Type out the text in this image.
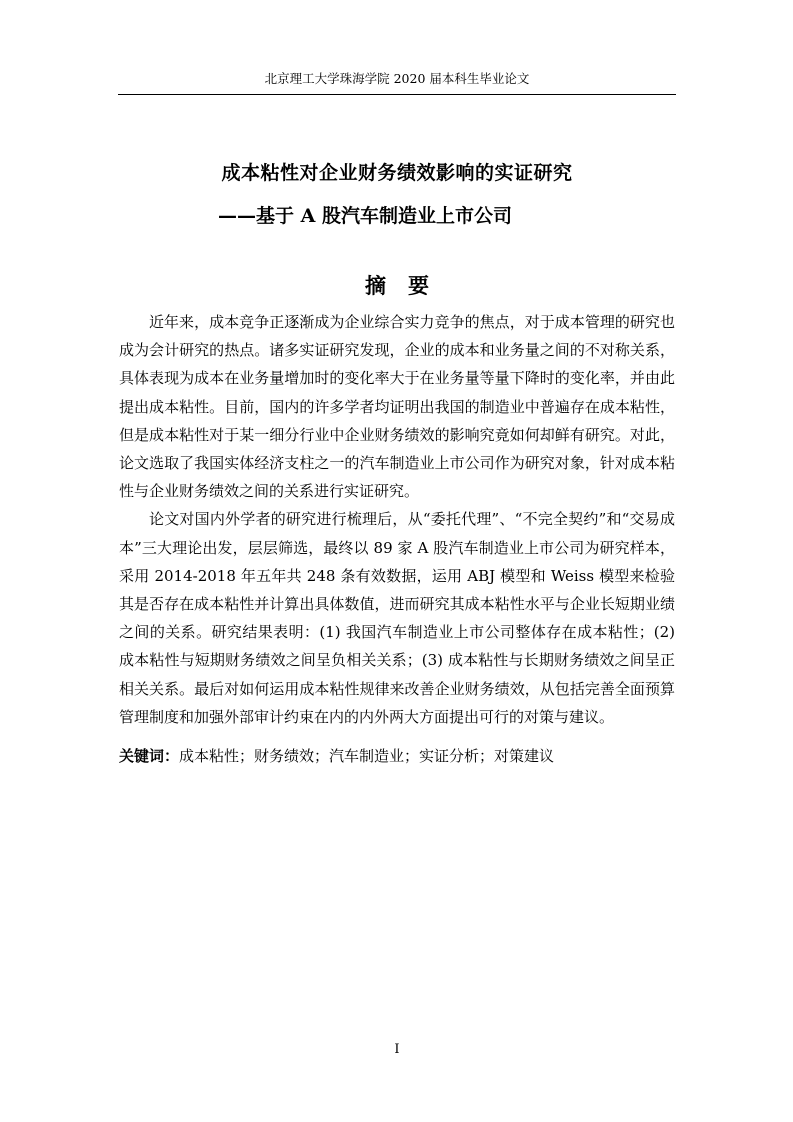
北京理工大学珠海学院 2020 届本科生毕业论文
成本粘性对企业财务绩效影响的实证研究
——基于 A 股汽车制造业上市公司
摘要

近年来，成本竞争正逐渐成为企业综合实力竞争的焦点，对于成本管理的研究也成为会计研究的热点。诸多实证研究发现，企业的成本和业务量之间的不对称关系，具体表现为成本在业务量增加时的变化率大于在业务量等量下降时的变化率，并由此提出成本粘性。目前，国内的许多学者均证明出我国的制造业中普遍存在成本粘性，但是成本粘性对于某一细分行业中企业财务绩效的影响究竟如何却鲜有研究。对此，论文选取了我国实体经济支柱之一的汽车制造业上市公司作为研究对象，针对成本粘性与企业财务绩效之间的关系进行实证研究。

论文对国内外学者的研究进行梳理后，从“委托代理”、“不完全契约”和“交易成本”三大理论出发，层层筛选，最终以 89 家 A 股汽车制造业上市公司为研究样本，采用 2014-2018 年五年共 248 条有效数据，运用 ABJ 模型和 Weiss 模型来检验其是否存在成本粘性并计算出具体数值，进而研究其成本粘性水平与企业长短期业绩之间的关系。研究结果表明：(1) 我国汽车制造业上市公司整体存在成本粘性；(2) 成本粘性与短期财务绩效之间呈负相关关系；(3) 成本粘性与长期财务绩效之间呈正相关关系。最后对如何运用成本粘性规律来改善企业财务绩效，从包括完善全面预算管理制度和加强外部审计约束在内的内外两大方面提出可行的对策与建议。

关键词：成本粘性；财务绩效；汽车制造业；实证分析；对策建议
I
